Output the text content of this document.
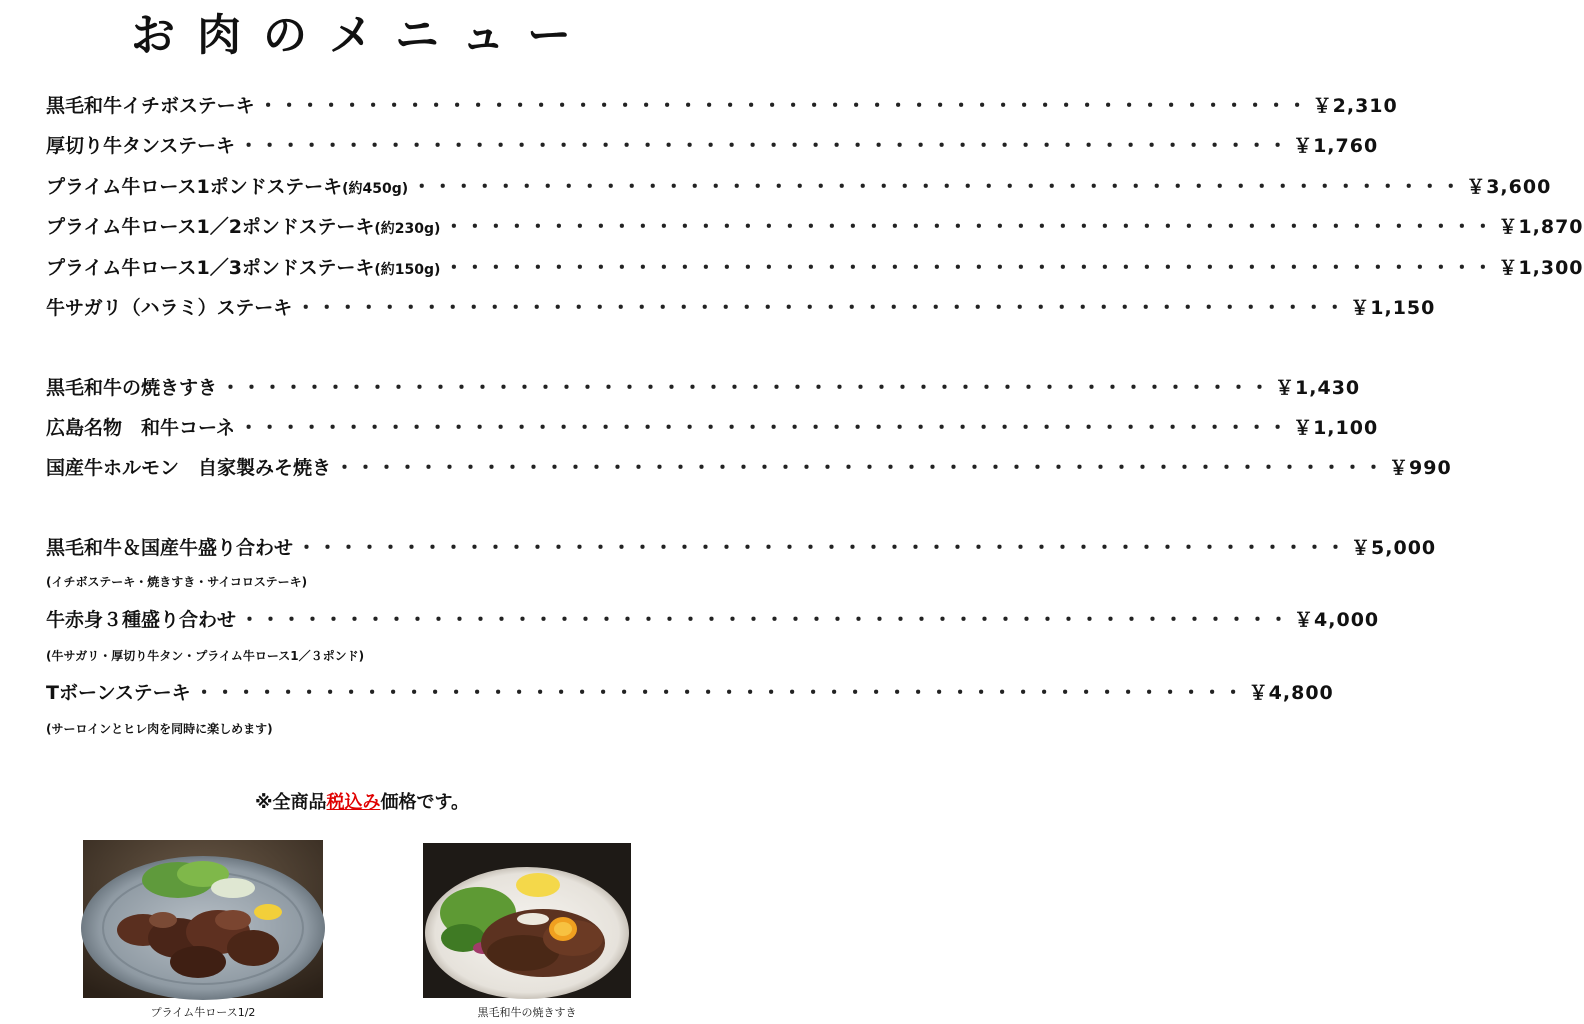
お肉のメニュー
黒毛和牛イチボステーキ ・・・・・・・・・・・・・・・・・・・・・・・・・・・・・・・・・・・・・・・・・・・・・・・・・・ ￥2,310
厚切り牛タンステーキ ・・・・・・・・・・・・・・・・・・・・・・・・・・・・・・・・・・・・・・・・・・・・・・・・・・ ￥1,760
プライム牛ロース1ポンドステーキ(約450g) ・・・・・・・・・・・・・・・・・・・・・・・・・・・・・・・・・・・・・・・・・・・・・・・・・・ ￥3,600
プライム牛ロース1／2ポンドステーキ(約230g) ・・・・・・・・・・・・・・・・・・・・・・・・・・・・・・・・・・・・・・・・・・・・・・・・・・ ￥1,870
プライム牛ロース1／3ポンドステーキ(約150g) ・・・・・・・・・・・・・・・・・・・・・・・・・・・・・・・・・・・・・・・・・・・・・・・・・・ ￥1,300
牛サガリ（ハラミ）ステーキ ・・・・・・・・・・・・・・・・・・・・・・・・・・・・・・・・・・・・・・・・・・・・・・・・・・ ￥1,150
黒毛和牛の焼きすき ・・・・・・・・・・・・・・・・・・・・・・・・・・・・・・・・・・・・・・・・・・・・・・・・・・ ￥1,430
広島名物　和牛コーネ ・・・・・・・・・・・・・・・・・・・・・・・・・・・・・・・・・・・・・・・・・・・・・・・・・・ ￥1,100
国産牛ホルモン　自家製みそ焼き ・・・・・・・・・・・・・・・・・・・・・・・・・・・・・・・・・・・・・・・・・・・・・・・・・・ ￥990
黒毛和牛＆国産牛盛り合わせ ・・・・・・・・・・・・・・・・・・・・・・・・・・・・・・・・・・・・・・・・・・・・・・・・・・ ￥5,000
(イチボステーキ・焼きすき・サイコロステーキ)
牛赤身３種盛り合わせ ・・・・・・・・・・・・・・・・・・・・・・・・・・・・・・・・・・・・・・・・・・・・・・・・・・ ￥4,000
(牛サガリ・厚切り牛タン・プライム牛ロース1／３ポンド)
Tボーンステーキ ・・・・・・・・・・・・・・・・・・・・・・・・・・・・・・・・・・・・・・・・・・・・・・・・・・ ￥4,800
(サーロインとヒレ肉を同時に楽しめます)
※全商品税込み価格です。
プライム牛ロース1/2	黒毛和牛の焼きすき
